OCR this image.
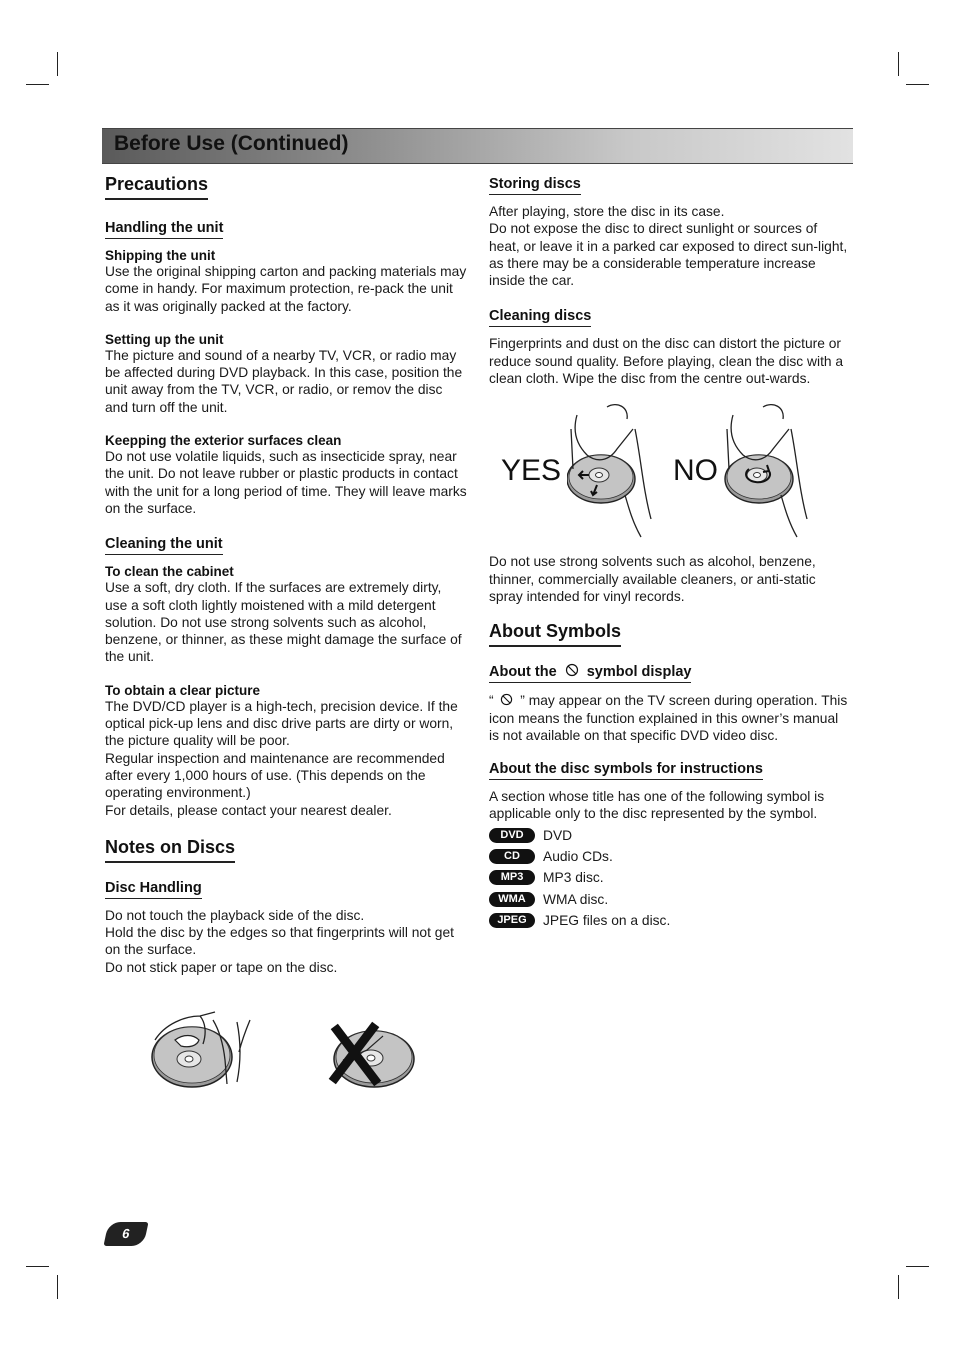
Before Use (Continued)
Precautions
Handling the unit
Shipping the unit

Use the original shipping carton and packing materials may come in handy. For maximum protection, re-pack the unit as it was originally packed at the factory.

Setting up the unit

The picture and sound of a nearby TV, VCR, or radio may be affected during DVD playback. In this case, position the unit away from the TV, VCR, or radio, or remov the disc and turn off the unit.

Keepping the exterior surfaces clean

Do not use volatile liquids, such as insecticide spray, near the unit. Do not leave rubber or plastic products in contact with the unit for a long period of time. They will leave marks on the surface.

Cleaning the unit
To clean the cabinet

Use a soft, dry cloth. If the surfaces are extremely dirty, use a soft cloth lightly moistened with a mild detergent solution. Do not use strong solvents such as alcohol, benzene, or thinner, as these might damage the surface of the unit.

To obtain a clear picture

The DVD/CD player is a high-tech, precision device. If the optical pick-up lens and disc drive parts are dirty or worn, the picture quality will be poor.

Regular inspection and maintenance are recommended after every 1,000 hours of use. (This depends on the operating environment.)

For details, please contact your nearest dealer.

Notes on Discs
Disc Handling

Do not touch the playback side of the disc.

Hold the disc by the edges so that fingerprints will not get on the surface.

Do not stick paper or tape on the disc.

Storing discs

After playing, store the disc in its case.

Do not expose the disc to direct sunlight or sources of heat, or leave it in a parked car exposed to direct sun-light, as there may be a considerable temperature increase inside the car.

Cleaning discs

Fingerprints and dust on the disc can distort the picture or reduce sound quality. Before playing, clean the disc with a clean cloth. Wipe the disc from the centre out-wards.

YES	NO

Do not use strong solvents such as alcohol, benzene, thinner, commercially available cleaners, or anti-static spray intended for vinyl records.

About Symbols
About the symbol display

“ ” may appear on the TV screen during operation. This icon means the function explained in this owner’s manual is not available on that specific DVD video disc.

About the disc symbols for instructions

A section whose title has one of the following symbol is applicable only to the disc represented by the symbol.

DVD	DVD
CD	Audio CDs.
MP3	MP3 disc.
WMA	WMA disc.
JPEG	JPEG files on a disc.
6
